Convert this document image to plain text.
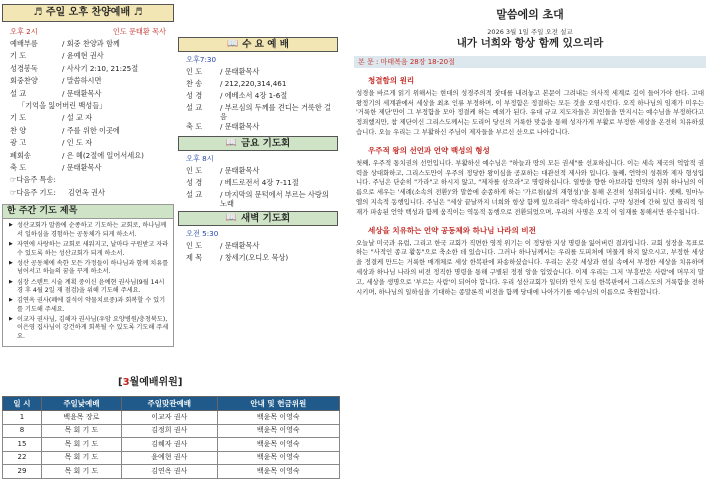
♬ 주일 오후 찬양예배 ♬
오후 2시	인도 문태환 목사
예배부름	/ 회중 찬양과 함께
기 도	/ 윤예현 권사
성경봉독	/ 사사기 2:10, 21:25절
회중찬양	/ 말씀하시면
설 교	/ 문태환목사
「기억을 잃어버린 백성들」
기 도	/ 설 교 자
찬 양	/ 주를 위한 이곳에
광 고	/ 인 도 자
폐회송	/ 은 혜(2절에 일어서세요)
축 도	/ 문태환목사
☞다음주 특송:
☞다음주 기도:	김연옥 권사
한 주간 기도 제목
▶ 성산교회가 말씀에 순종하고 기도하는 교회로, 하나님께서 일하심을 경험하는 공동체가 되게 하소서.
▶ 자연에 사랑하는 교회로 새워지고, 날마다 구원받고 자라 수 있도록 하는 성산교회가 되게 하소서.
▶ 성산 공동체에 속한 모든 가정들이 하나님과 함께 치유를 넘어서고 하늘의 꿈을 꾸게 하소서.
▶ 심장 스텐트 시술 계획 중이신 윤예현 권사님(9월 14시경 후 4월 2일 재 점검)을 위해 기도해 주세요.
▶ 김연옥 권사(폐에 결석이 약물치료중)과 회복할 수 있기를 기도해 주세요.
▶ 이교자 권사님, 김해자 권사님(우암 요양병원/충청북도), 이은영 집사님이 강건하게 회복될 수 있도록 기도해 주세요.
📖 수 요 예 배
오후7:30
인 도	/ 문태환목사
찬 송	/ 212,220,314,461
성 경	/ 에베소서 4장 1-6절
설 교	/ 부르심의 두께를 견디는 거룩한 걸음
축 도	/ 문태환목사
📖 금요 기도회
오후 8시
인 도	/ 문태환목사
성 경	/ 베드로전서 4장 7-11절
설 교	/ 마지막의 문턱에서 부르는 사랑의 노래
📖 새벽 기도회
오전 5:30
인 도	/ 문태환목사
제 목	/ 창세기(오디오 묵상)
[3월예배위원]
일 시	주일낮예배	주일맞관예배	안내 및 헌금위원
1	백윤목 장로	이교자 권사	백윤목 이영숙
8	목 회 기 도	김정희 권사	백윤목 이영숙
15	목 회 기 도	김혜자 권사	백윤목 이영숙
22	목 회 기 도	윤예현 권사	백윤목 이영숙
29	목 회 기 도	김연옥 권사	백윤목 이영숙
말씀에의 초대
2026 3월 1일 주일 오전 설교
내가 너희와 항상 함께 있으리라
본 문 : 마태복음 28장 18-20절
청결함의 원리

성경을 바르게 읽기 위해서는 현대의 성경주의적 잣대를 내려놓고 본문이 그려내는 의사적 세계로 깊이 들어가야 한다. 고대 왕정기의 세계관에서 세상을 최초 인류 부정하며, 이 부정함은 정결하는 모든 것을 오염시킨다. 오직 하나님의 임재가 미우는 '거룩한 제단'만이 그 부정함을 모아 정결케 하는 예외가 된다. 유대 규교 지도자들은 죄인들을 만지시는 예수님을 부정하다고 정죄했지만, 참 제단이신 그리스도께서는 도리어 당신의 거룩한 맞음을 통해 성자가게 부활로 부정한 세상을 온전히 치유하셨습니다. 오늘 우리는 그 부활하신 주님이 제자들을 부르신 산으로 나아갑니다.

우주적 왕의 선언과 언약 백성의 형성

첫째, 우주적 통치권의 선언입니다. 부활하신 예수님은 "하늘과 땅의 모든 권세"를 선포하십니다. 이는 세속 제국의 억압적 권력을 상대화하고, 그리스도만이 우주의 정당한 왕이심을 공포하는 대관선적 제사와 입니다. 둘째, 언약의 성취와 제자 형성입니다. 주님은 단순히 "가라"고 하시지 않고, "제자를 삼으라"고 명령하십니다. 열방을 향한 아브라함 언약의 성취 하나님의 이름으로 세우는 '세례(소속의 전환)'와 말씀에 순종하게 하는 '가르침(삶의 재형성)'을 통해 온전히 성취되십니다. 셋째, 임마누엘의 지속적 동행입니다. 주님은 "세상 끝날까지 너희와 항상 함께 있으리라" 약속하십니다. 구약 성전에 간혀 있던 물리적 임재가 파송된 언약 백성과 함께 움직이는 역동적 동행으로 전환되었으며, 우리의 사명은 오직 이 임재를 통해서만 완수됩니다.

세상을 치유하는 언약 공동체와 하나님 나라의 비전

오늘날 미국과 유럽, 그리고 한국 교회가 직면한 영적 위기는 이 정당한 지상 명령을 잃어버린 결과입니다. 교회 성장을 목표로 하는 "사적인 종교 활동"으로 축소한 데 있습니다. 그러나 하나님께서는 우리를 도피처에 머물게 하지 않으시고, 부정한 세상을 정결케 만드는 거룩한 매개체로 세상 한복판에 파송하셨습니다. 우리는 온갖 세상과 현실 속에서 부정한 세상을 치유하며 세상과 하나님 나라의 비전 정직한 명령을 통해 구별된 정점 앙을 입었습니다. 이제 우리는 그저 '부흥받은 사람'에 머무지 말고, 세상을 생명으로 '부르는 사람'이 되어야 합니다. 우리 성산교회가 일터와 안식 도심 한복판에서 그리스도의 거룩함을 전하시키며, 하나님의 일하심을 기대하는 종말론적 비전을 함께 당대에 나아가기를 예수님의 이름으로 축원합니다.
